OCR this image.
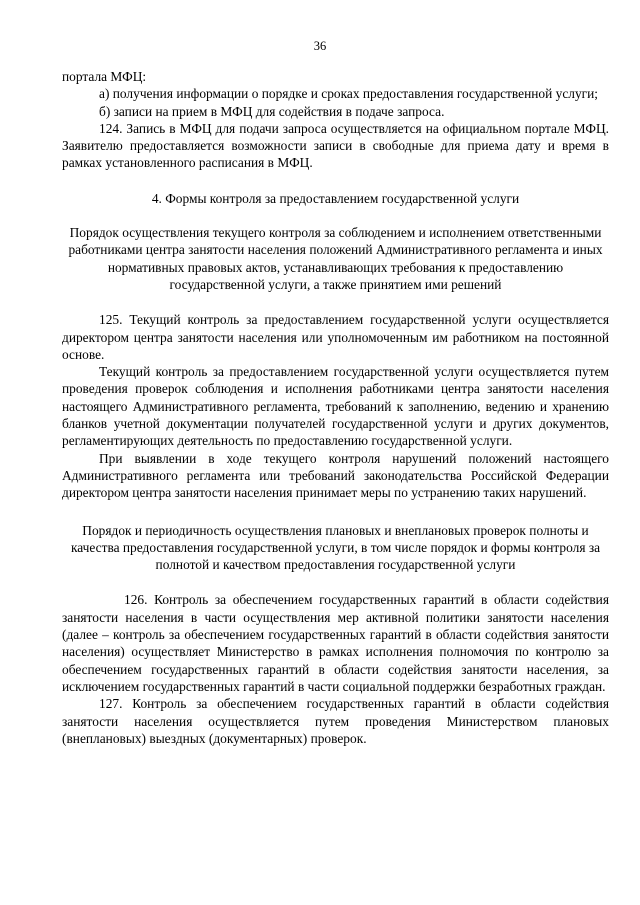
36

портала МФЦ:

а) получения информации о порядке и сроках предоставления государственной услуги;

б) записи на прием в МФЦ для содействия в подаче запроса.

124. Запись в МФЦ для подачи запроса осуществляется на официальном портале МФЦ. Заявителю предоставляется возможности записи в свободные для приема дату и время в рамках установленного расписания в МФЦ.

4. Формы контроля за предоставлением государственной услуги

Порядок осуществления текущего контроля за соблюдением и исполнением ответственными работниками центра занятости населения положений Административного регламента и иных нормативных правовых актов, устанавливающих требования к предоставлению государственной услуги, а также принятием ими решений

125. Текущий контроль за предоставлением государственной услуги осуществляется директором центра занятости населения или уполномоченным им работником на постоянной основе.

Текущий контроль за предоставлением государственной услуги осуществляется путем проведения проверок соблюдения и исполнения работниками центра занятости населения настоящего Административного регламента, требований к заполнению, ведению и хранению бланков учетной документации получателей государственной услуги и других документов, регламентирующих деятельность по предоставлению государственной услуги.

При выявлении в ходе текущего контроля нарушений положений настоящего Административного регламента или требований законодательства Российской Федерации директором центра занятости населения принимает меры по устранению таких нарушений.

Порядок и периодичность осуществления плановых и внеплановых проверок полноты и качества предоставления государственной услуги, в том числе порядок и формы контроля за полнотой и качеством предоставления государственной услуги

126. Контроль за обеспечением государственных гарантий в области содействия занятости населения в части осуществления мер активной политики занятости населения (далее – контроль за обеспечением государственных гарантий в области содействия занятости населения) осуществляет Министерство в рамках исполнения полномочия по контролю за обеспечением государственных гарантий в области содействия занятости населения, за исключением государственных гарантий в части социальной поддержки безработных граждан.

127. Контроль за обеспечением государственных гарантий в области содействия занятости населения осуществляется путем проведения Министерством плановых (внеплановых) выездных (документарных) проверок.
